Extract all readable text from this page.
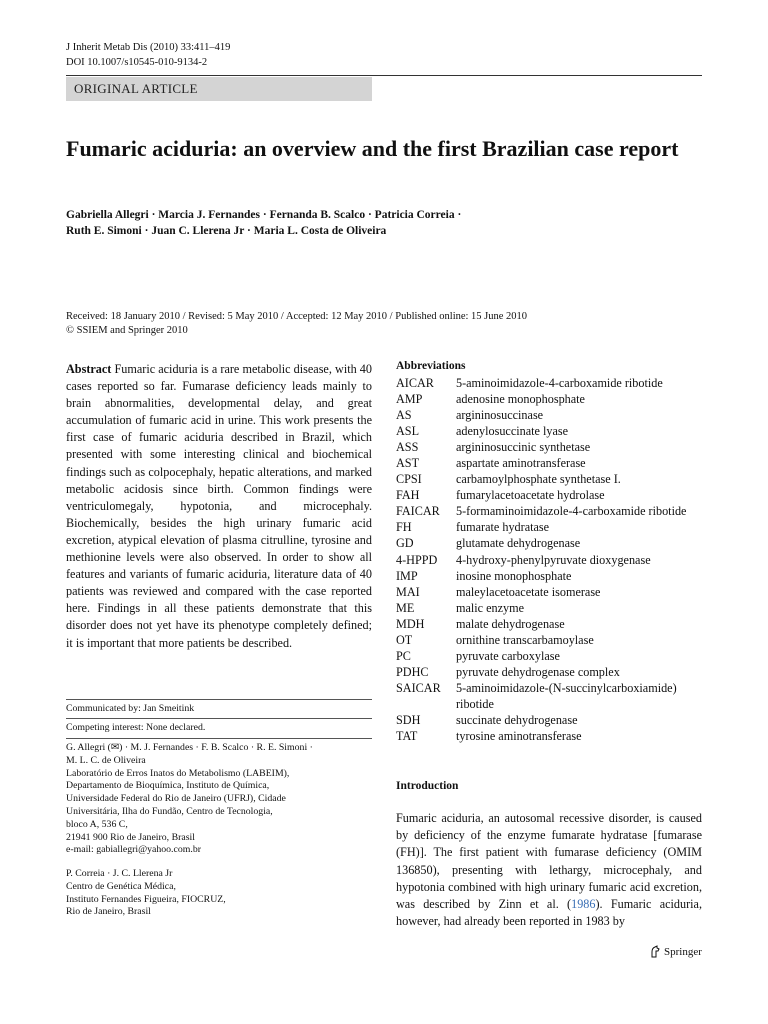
J Inherit Metab Dis (2010) 33:411–419
DOI 10.1007/s10545-010-9134-2
ORIGINAL ARTICLE
Fumaric aciduria: an overview and the first Brazilian case report
Gabriella Allegri · Marcia J. Fernandes · Fernanda B. Scalco · Patricia Correia ·
Ruth E. Simoni · Juan C. Llerena Jr · Maria L. Costa de Oliveira
Received: 18 January 2010 / Revised: 5 May 2010 / Accepted: 12 May 2010 / Published online: 15 June 2010
© SSIEM and Springer 2010
Abstract Fumaric aciduria is a rare metabolic disease, with 40 cases reported so far. Fumarase deficiency leads mainly to brain abnormalities, developmental delay, and great accumulation of fumaric acid in urine. This work presents the first case of fumaric aciduria described in Brazil, which presented with some interesting clinical and biochemical findings such as colpocephaly, hepatic alterations, and marked metabolic acidosis since birth. Common findings were ventriculomegaly, hypotonia, and microcephaly. Biochemically, besides the high urinary fumaric acid excretion, atypical elevation of plasma citrulline, tyrosine and methionine levels were also observed. In order to show all features and variants of fumaric aciduria, literature data of 40 patients was reviewed and compared with the case reported here. Findings in all these patients demonstrate that this disorder does not yet have its phenotype completely defined; it is important that more patients be described.
Communicated by: Jan Smeitink
Competing interest: None declared.
G. Allegri (✉) · M. J. Fernandes · F. B. Scalco · R. E. Simoni ·
M. L. C. de Oliveira
Laboratório de Erros Inatos do Metabolismo (LABEIM),
Departamento de Bioquímica, Instituto de Química,
Universidade Federal do Rio de Janeiro (UFRJ), Cidade
Universitária, Ilha do Fundão, Centro de Tecnologia,
bloco A, 536 C,
21941 900 Rio de Janeiro, Brasil
e-mail: gabiallegri@yahoo.com.br
P. Correia · J. C. Llerena Jr
Centro de Genética Médica,
Instituto Fernandes Figueira, FIOCRUZ,
Rio de Janeiro, Brasil
Abbreviations
AICAR	5-aminoimidazole-4-carboxamide ribotide
AMP	adenosine monophosphate
AS	argininosuccinase
ASL	adenylosuccinate lyase
ASS	argininosuccinic synthetase
AST	aspartate aminotransferase
CPSI	carbamoylphosphate synthetase I.
FAH	fumarylacetoacetate hydrolase
FAICAR	5-formaminoimidazole-4-carboxamide ribotide
FH	fumarate hydratase
GD	glutamate dehydrogenase
4-HPPD	4-hydroxy-phenylpyruvate dioxygenase
IMP	inosine monophosphate
MAI	maleylacetoacetate isomerase
ME	malic enzyme
MDH	malate dehydrogenase
OT	ornithine transcarbamoylase
PC	pyruvate carboxylase
PDHC	pyruvate dehydrogenase complex
SAICAR	5-aminoimidazole-(N-succinylcarboxiamide)
	ribotide
SDH	succinate dehydrogenase
TAT	tyrosine aminotransferase
Introduction
Fumaric aciduria, an autosomal recessive disorder, is caused by deficiency of the enzyme fumarate hydratase [fumarase (FH)]. The first patient with fumarase deficiency (OMIM 136850), presenting with lethargy, microcephaly, and hypotonia combined with high urinary fumaric acid excretion, was described by Zinn et al. (1986). Fumaric aciduria, however, had already been reported in 1983 by
Springer
